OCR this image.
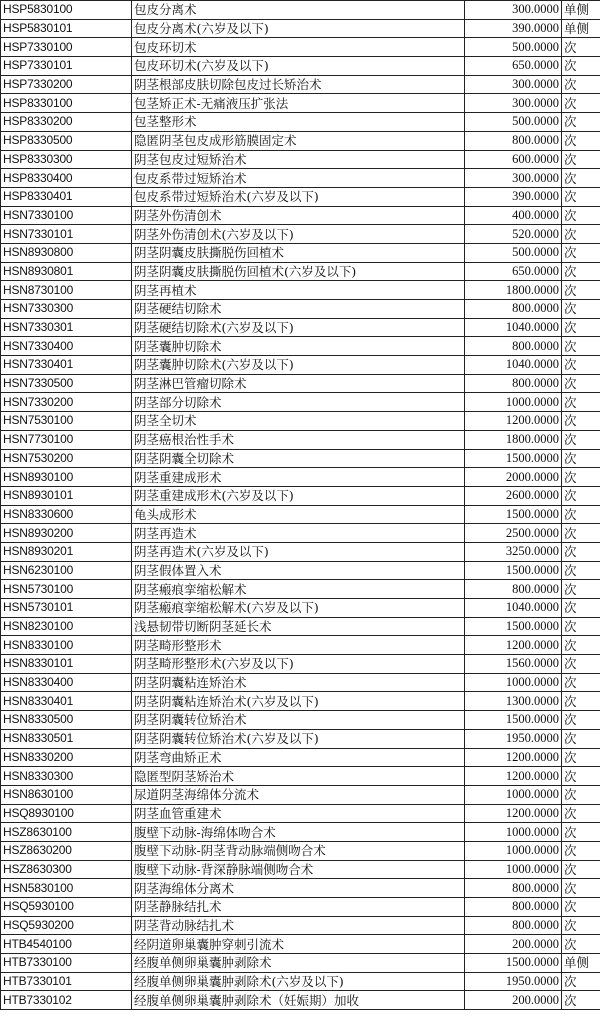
HSP5830100	包皮分离术	300.0000	单侧
HSP5830101	包皮分离术(六岁及以下)	390.0000	单侧
HSP7330100	包皮环切术	500.0000	次
HSP7330101	包皮环切术(六岁及以下)	650.0000	次
HSP7330200	阴茎根部皮肤切除包皮过长矫治术	300.0000	次
HSP8330100	包茎矫正术-无痛液压扩张法	300.0000	次
HSP8330200	包茎整形术	500.0000	次
HSP8330500	隐匿阴茎包皮成形筋膜固定术	800.0000	次
HSP8330300	阴茎包皮过短矫治术	600.0000	次
HSP8330400	包皮系带过短矫治术	300.0000	次
HSP8330401	包皮系带过短矫治术(六岁及以下)	390.0000	次
HSN7330100	阴茎外伤清创术	400.0000	次
HSN7330101	阴茎外伤清创术(六岁及以下)	520.0000	次
HSN8930800	阴茎阴囊皮肤撕脱伤回植术	500.0000	次
HSN8930801	阴茎阴囊皮肤撕脱伤回植术(六岁及以下)	650.0000	次
HSN8730100	阴茎再植术	1800.0000	次
HSN7330300	阴茎硬结切除术	800.0000	次
HSN7330301	阴茎硬结切除术(六岁及以下)	1040.0000	次
HSN7330400	阴茎囊肿切除术	800.0000	次
HSN7330401	阴茎囊肿切除术(六岁及以下)	1040.0000	次
HSN7330500	阴茎淋巴管瘤切除术	800.0000	次
HSN7330200	阴茎部分切除术	1000.0000	次
HSN7530100	阴茎全切术	1200.0000	次
HSN7730100	阴茎癌根治性手术	1800.0000	次
HSN7530200	阴茎阴囊全切除术	1500.0000	次
HSN8930100	阴茎重建成形术	2000.0000	次
HSN8930101	阴茎重建成形术(六岁及以下)	2600.0000	次
HSN8330600	龟头成形术	1500.0000	次
HSN8930200	阴茎再造术	2500.0000	次
HSN8930201	阴茎再造术(六岁及以下)	3250.0000	次
HSN6230100	阴茎假体置入术	1500.0000	次
HSN5730100	阴茎瘢痕挛缩松解术	800.0000	次
HSN5730101	阴茎瘢痕挛缩松解术(六岁及以下)	1040.0000	次
HSN8230100	浅悬韧带切断阴茎延长术	1500.0000	次
HSN8330100	阴茎畸形整形术	1200.0000	次
HSN8330101	阴茎畸形整形术(六岁及以下)	1560.0000	次
HSN8330400	阴茎阴囊粘连矫治术	1000.0000	次
HSN8330401	阴茎阴囊粘连矫治术(六岁及以下)	1300.0000	次
HSN8330500	阴茎阴囊转位矫治术	1500.0000	次
HSN8330501	阴茎阴囊转位矫治术(六岁及以下)	1950.0000	次
HSN8330200	阴茎弯曲矫正术	1200.0000	次
HSN8330300	隐匿型阴茎矫治术	1200.0000	次
HSN8630100	尿道阴茎海绵体分流术	1000.0000	次
HSQ8930100	阴茎血管重建术	1200.0000	次
HSZ8630100	腹壁下动脉-海绵体吻合术	1000.0000	次
HSZ8630200	腹壁下动脉-阴茎背动脉端侧吻合术	1000.0000	次
HSZ8630300	腹壁下动脉-背深静脉端侧吻合术	1000.0000	次
HSN5830100	阴茎海绵体分离术	800.0000	次
HSQ5930100	阴茎静脉结扎术	800.0000	次
HSQ5930200	阴茎背动脉结扎术	800.0000	次
HTB4540100	经阴道卵巢囊肿穿刺引流术	200.0000	次
HTB7330100	经腹单侧卵巢囊肿剥除术	1500.0000	单侧
HTB7330101	经腹单侧卵巢囊肿剥除术(六岁及以下)	1950.0000	次
HTB7330102	经腹单侧卵巢囊肿剥除术（妊娠期）加收	200.0000	次
